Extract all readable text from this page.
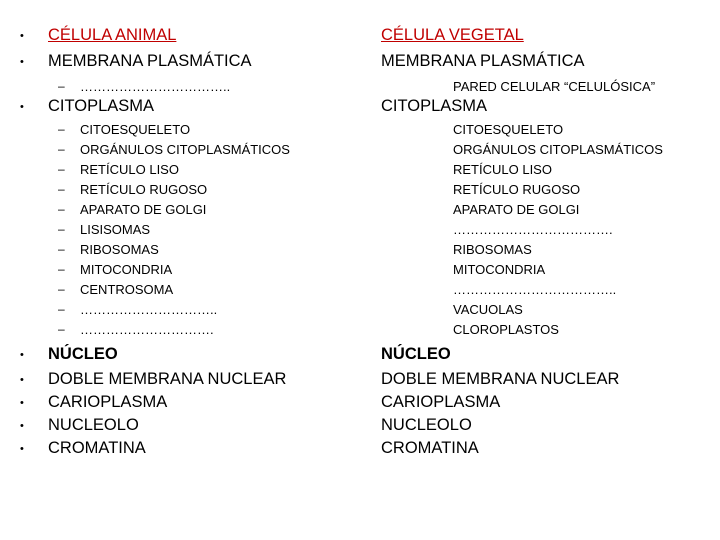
• CÉLULA ANIMAL
• MEMBRANA PLASMÁTICA
– ……………………………..
• CITOPLASMA
– CITOESQUELETO
– ORGÁNULOS CITOPLASMÁTICOS
– RETÍCULO LISO
– RETÍCULO RUGOSO
– APARATO DE GOLGI
– LISISOMAS
– RIBOSOMAS
– MITOCONDRIA
– CENTROSOMA
– …………………………..
– ………………………….
• NÚCLEO
• DOBLE MEMBRANA NUCLEAR
• CARIOPLASMA
• NUCLEOLO
• CROMATINA
CÉLULA VEGETAL
MEMBRANA PLASMÁTICA
PARED CELULAR “CELULÓSICA”
CITOPLASMA
CITOESQUELETO
ORGÁNULOS CITOPLASMÁTICOS
RETÍCULO LISO
RETÍCULO RUGOSO
APARATO DE GOLGI
……………………………….
RIBOSOMAS
MITOCONDRIA
………………………………..
VACUOLAS
CLOROPLASTOS
NÚCLEO
DOBLE MEMBRANA NUCLEAR
CARIOPLASMA
NUCLEOLO
CROMATINA
